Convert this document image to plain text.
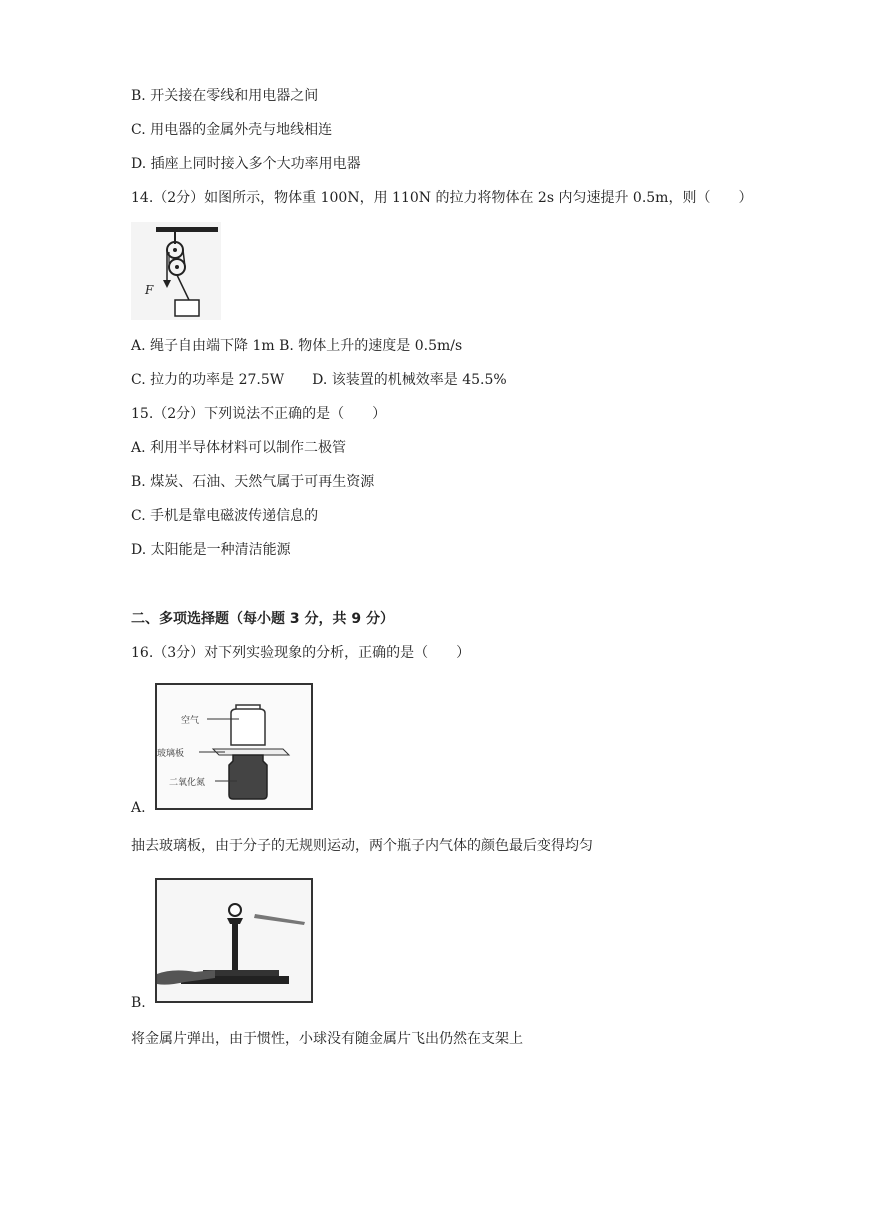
B. 开关接在零线和用电器之间
C. 用电器的金属外壳与地线相连
D. 插座上同时接入多个大功率用电器
14.（2分）如图所示，物体重 100N，用 110N 的拉力将物体在 2s 内匀速提升 0.5m，则（　　）
F
A. 绳子自由端下降 1m B. 物体上升的速度是 0.5m/s
C. 拉力的功率是 27.5W　　D. 该装置的机械效率是 45.5%
15.（2分）下列说法不正确的是（　　）
A. 利用半导体材料可以制作二极管
B. 煤炭、石油、天然气属于可再生资源
C. 手机是靠电磁波传递信息的
D. 太阳能是一种清洁能源
二、多项选择题（每小题 3 分，共 9 分）
16.（3分）对下列实验现象的分析，正确的是（　　）
空气
玻璃板
二氧化氮
A.
抽去玻璃板，由于分子的无规则运动，两个瓶子内气体的颜色最后变得均匀
B.
将金属片弹出，由于惯性，小球没有随金属片飞出仍然在支架上
